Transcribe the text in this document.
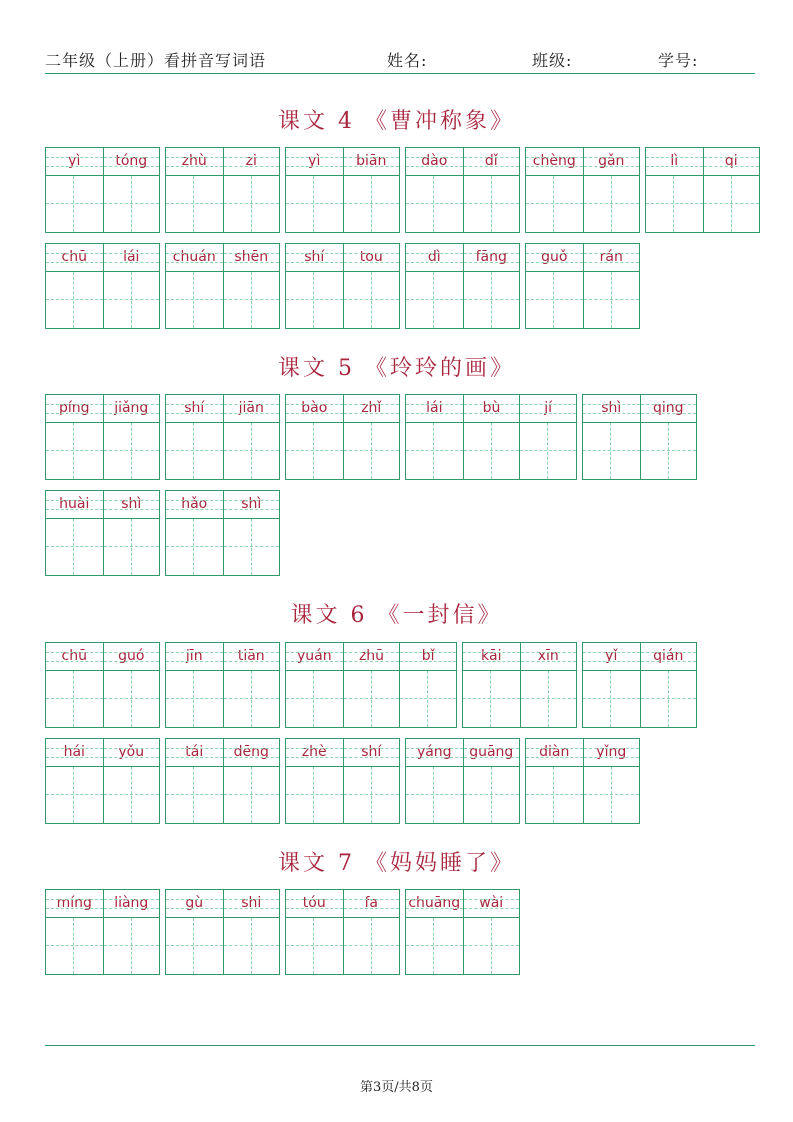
二年级（上册）看拼音写词语	姓名:	班级:	学号:
课文 4 《曹冲称象》
yì	tóng	zhù	zi	yì	biān	dào	dǐ	chèng	gǎn	lì	qi
chū	lái	chuán	shēn	shí	tou	dì	fāng	guǒ	rán
课文 5 《玲玲的画》
píng	jiǎng	shí	jiān	bào	zhǐ	lái	bù	jí	shì	qing
huài	shì	hǎo	shì
课文 6 《一封信》
chū	guó	jīn	tiān	yuán	zhū	bǐ	kāi	xīn	yǐ	qián
hái	yǒu	tái	dēng	zhè	shí	yáng	guāng	diàn	yǐng
课文 7 《妈妈睡了》
míng	liàng	gù	shi	tóu	fa	chuāng	wài
第3页/共8页
